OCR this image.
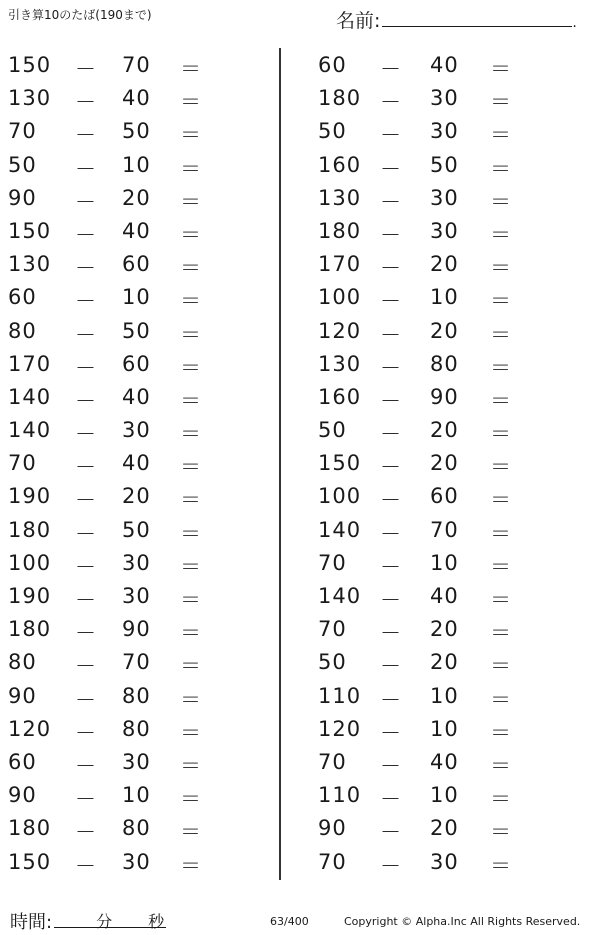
引き算10のたば(190まで)	名前:	.
150 － 70 ＝
130 － 40 ＝
70 － 50 ＝
50 － 10 ＝
90 － 20 ＝
150 － 40 ＝
130 － 60 ＝
60 － 10 ＝
80 － 50 ＝
170 － 60 ＝
140 － 40 ＝
140 － 30 ＝
70 － 40 ＝
190 － 20 ＝
180 － 50 ＝
100 － 30 ＝
190 － 30 ＝
180 － 90 ＝
80 － 70 ＝
90 － 80 ＝
120 － 80 ＝
60 － 30 ＝
90 － 10 ＝
180 － 80 ＝
150 － 30 ＝
60 － 40 ＝
180 － 30 ＝
50 － 30 ＝
160 － 50 ＝
130 － 30 ＝
180 － 30 ＝
170 － 20 ＝
100 － 10 ＝
120 － 20 ＝
130 － 80 ＝
160 － 90 ＝
50 － 20 ＝
150 － 20 ＝
100 － 60 ＝
140 － 70 ＝
70 － 10 ＝
140 － 40 ＝
70 － 20 ＝
50 － 20 ＝
110 － 10 ＝
120 － 10 ＝
70 － 40 ＝
110 － 10 ＝
90 － 20 ＝
70 － 30 ＝
時間:	分 秒	63/400	Copyright © Alpha.Inc All Rights Reserved.
